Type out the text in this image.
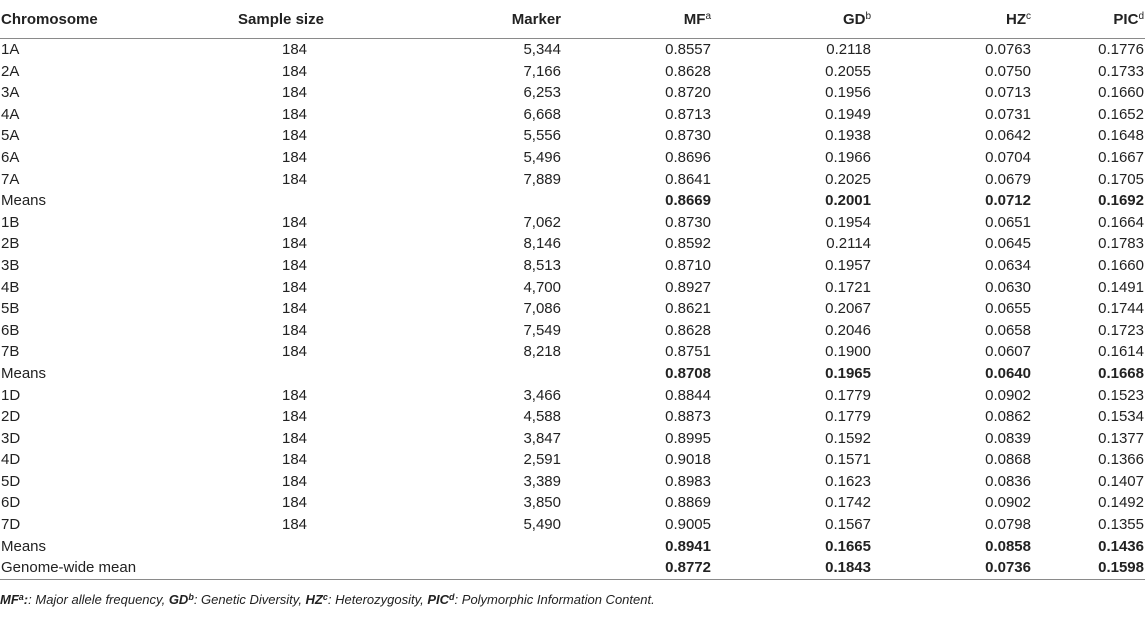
Chromosome	Sample size	Marker	$MF^a$	$GD^b$	$HZ^c$	PIC$^d$
1A	184	5,344	0.8557	0.2118	0.0763	0.1776
2A	184	7,166	0.8628	0.2055	0.0750	0.1733
3A	184	6,253	0.8720	0.1956	0.0713	0.1660
4A	184	6,668	0.8713	0.1949	0.0731	0.1652
5A	184	5,556	0.8730	0.1938	0.0642	0.1648
6A	184	5,496	0.8696	0.1966	0.0704	0.1667
7A	184	7,889	0.8641	0.2025	0.0679	0.1705
Means			0.8669	0.2001	0.0712	0.1692
1B	184	7,062	0.8730	0.1954	0.0651	0.1664
2B	184	8,146	0.8592	0.2114	0.0645	0.1783
3B	184	8,513	0.8710	0.1957	0.0634	0.1660
4B	184	4,700	0.8927	0.1721	0.0630	0.1491
5B	184	7,086	0.8621	0.2067	0.0655	0.1744
6B	184	7,549	0.8628	0.2046	0.0658	0.1723
7B	184	8,218	0.8751	0.1900	0.0607	0.1614
Means			0.8708	0.1965	0.0640	0.1668
1D	184	3,466	0.8844	0.1779	0.0902	0.1523
2D	184	4,588	0.8873	0.1779	0.0862	0.1534
3D	184	3,847	0.8995	0.1592	0.0839	0.1377
4D	184	2,591	0.9018	0.1571	0.0868	0.1366
5D	184	3,389	0.8983	0.1623	0.0836	0.1407
6D	184	3,850	0.8869	0.1742	0.0902	0.1492
7D	184	5,490	0.9005	0.1567	0.0798	0.1355
Means			0.8941	0.1665	0.0858	0.1436
Genome-wide mean			0.8772	0.1843	0.0736	0.1598
$MF^a$:: Major allele frequency, $GD^b$: Genetic Diversity, $HZ^c$: Heterozygosity, PIC$^d$: Polymorphic Information Content.
